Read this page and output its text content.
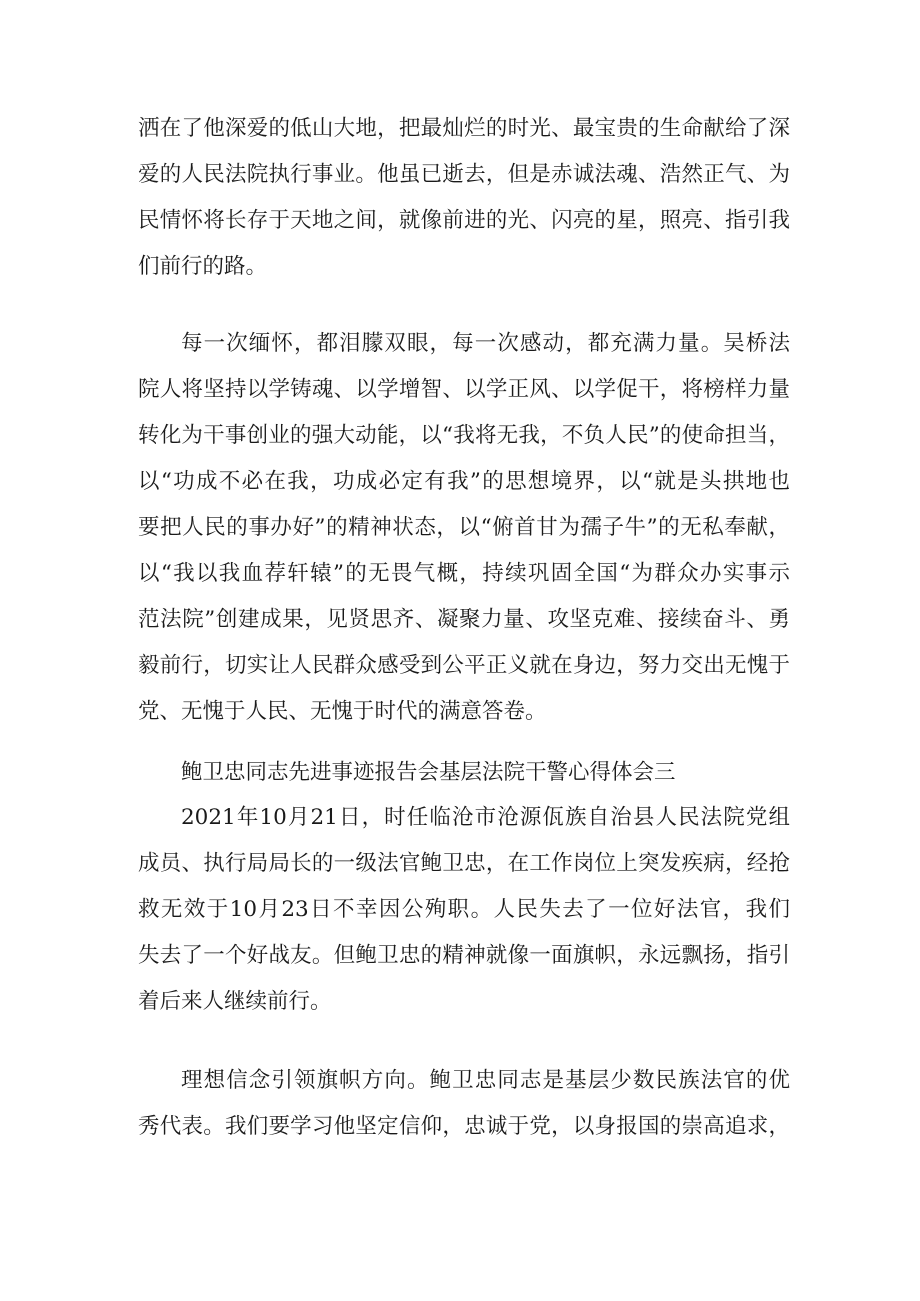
洒在了他深爱的低山大地，把最灿烂的时光、最宝贵的生命献给了深
爱的人民法院执行事业。他虽已逝去，但是赤诚法魂、浩然正气、为
民情怀将长存于天地之间，就像前进的光、闪亮的星，照亮、指引我
们前行的路。
每一次缅怀，都泪朦双眼，每一次感动，都充满力量。吴桥法
院人将坚持以学铸魂、以学增智、以学正风、以学促干，将榜样力量
转化为干事创业的强大动能，以“我将无我，不负人民”的使命担当，
以“功成不必在我，功成必定有我”的思想境界，以“就是头拱地也
要把人民的事办好”的精神状态，以“俯首甘为孺子牛”的无私奉献，
以“我以我血荐轩辕”的无畏气概，持续巩固全国“为群众办实事示
范法院”创建成果，见贤思齐、凝聚力量、攻坚克难、接续奋斗、勇
毅前行，切实让人民群众感受到公平正义就在身边，努力交出无愧于
党、无愧于人民、无愧于时代的满意答卷。
鲍卫忠同志先进事迹报告会基层法院干警心得体会三
2021年10月21日，时任临沧市沧源佤族自治县人民法院党组
成员、执行局局长的一级法官鲍卫忠，在工作岗位上突发疾病，经抢
救无效于10月23日不幸因公殉职。人民失去了一位好法官，我们
失去了一个好战友。但鲍卫忠的精神就像一面旗帜，永远飘扬，指引
着后来人继续前行。
理想信念引领旗帜方向。鲍卫忠同志是基层少数民族法官的优
秀代表。我们要学习他坚定信仰，忠诚于党，以身报国的崇高追求，
